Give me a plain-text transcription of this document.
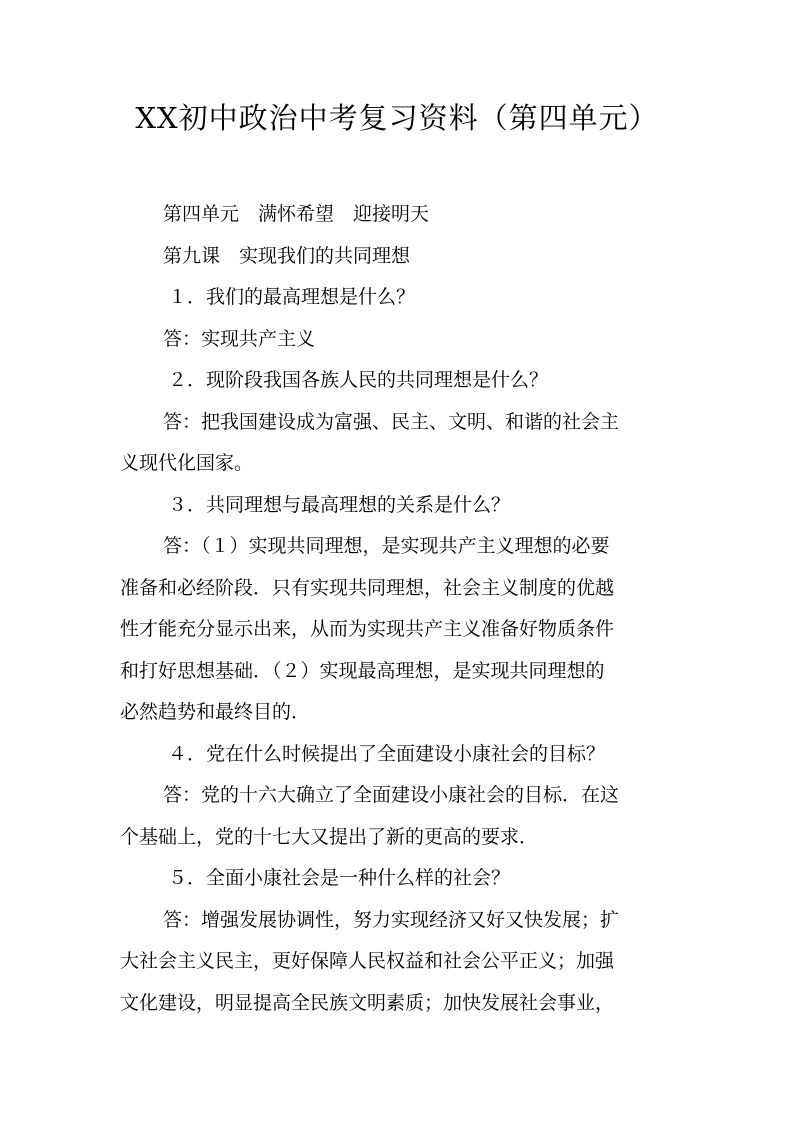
XX初中政治中考复习资料（第四单元）
第四单元　满怀希望　迎接明天
第九课　实现我们的共同理想
１．我们的最高理想是什么？
答：实现共产主义
２．现阶段我国各族人民的共同理想是什么？
答：把我国建设成为富强、民主、文明、和谐的社会主
义现代化国家。
３．共同理想与最高理想的关系是什么？
答：（１）实现共同理想，是实现共产主义理想的必要
准备和必经阶段．只有实现共同理想，社会主义制度的优越
性才能充分显示出来，从而为实现共产主义准备好物质条件
和打好思想基础．（２）实现最高理想，是实现共同理想的
必然趋势和最终目的．
４．党在什么时候提出了全面建设小康社会的目标？
答：党的十六大确立了全面建设小康社会的目标．在这
个基础上，党的十七大又提出了新的更高的要求．
５．全面小康社会是一种什么样的社会？
答：增强发展协调性，努力实现经济又好又快发展；扩
大社会主义民主，更好保障人民权益和社会公平正义；加强
文化建设，明显提高全民族文明素质；加快发展社会事业，
